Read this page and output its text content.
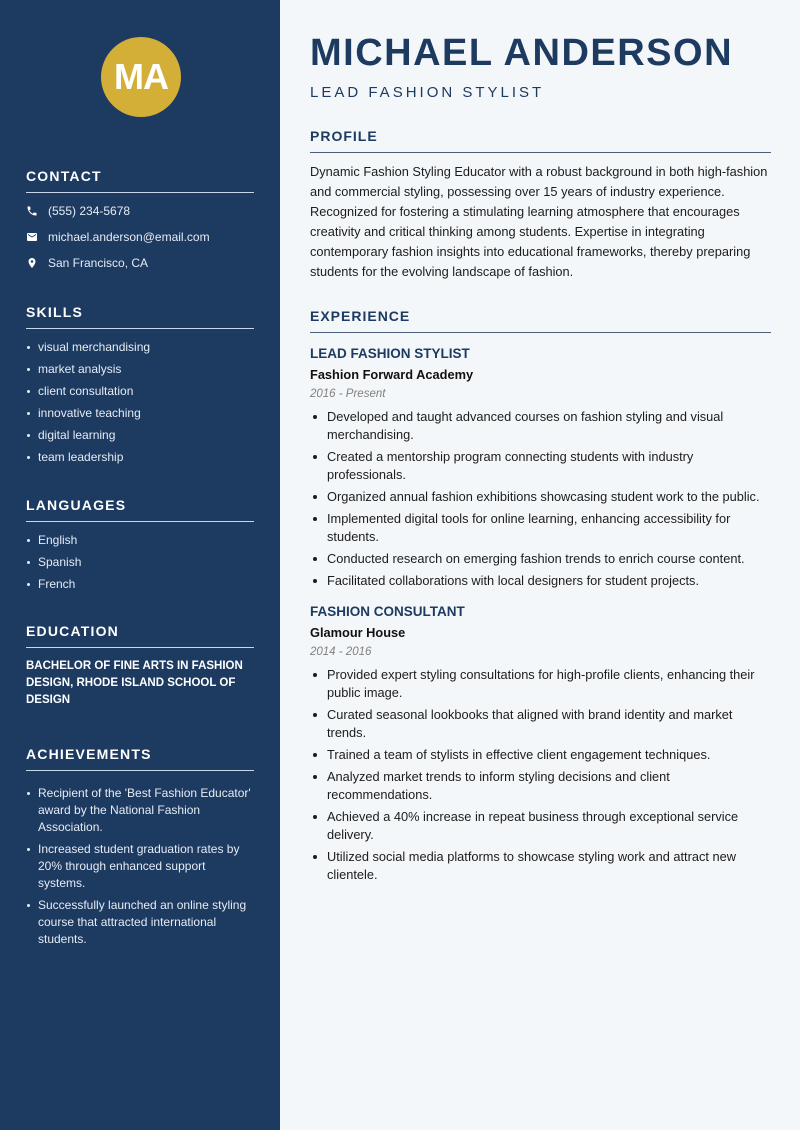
MA
CONTACT
(555) 234-5678
michael.anderson@email.com
San Francisco, CA
SKILLS
visual merchandising
market analysis
client consultation
innovative teaching
digital learning
team leadership
LANGUAGES
English
Spanish
French
EDUCATION
BACHELOR OF FINE ARTS IN FASHION DESIGN, RHODE ISLAND SCHOOL OF DESIGN
ACHIEVEMENTS
Recipient of the 'Best Fashion Educator' award by the National Fashion Association.
Increased student graduation rates by 20% through enhanced support systems.
Successfully launched an online styling course that attracted international students.
MICHAEL ANDERSON
LEAD FASHION STYLIST
PROFILE
Dynamic Fashion Styling Educator with a robust background in both high-fashion and commercial styling, possessing over 15 years of industry experience. Recognized for fostering a stimulating learning atmosphere that encourages creativity and critical thinking among students. Expertise in integrating contemporary fashion insights into educational frameworks, thereby preparing students for the evolving landscape of fashion.
EXPERIENCE
LEAD FASHION STYLIST
Fashion Forward Academy
2016 - Present
Developed and taught advanced courses on fashion styling and visual merchandising.
Created a mentorship program connecting students with industry professionals.
Organized annual fashion exhibitions showcasing student work to the public.
Implemented digital tools for online learning, enhancing accessibility for students.
Conducted research on emerging fashion trends to enrich course content.
Facilitated collaborations with local designers for student projects.
FASHION CONSULTANT
Glamour House
2014 - 2016
Provided expert styling consultations for high-profile clients, enhancing their public image.
Curated seasonal lookbooks that aligned with brand identity and market trends.
Trained a team of stylists in effective client engagement techniques.
Analyzed market trends to inform styling decisions and client recommendations.
Achieved a 40% increase in repeat business through exceptional service delivery.
Utilized social media platforms to showcase styling work and attract new clientele.
